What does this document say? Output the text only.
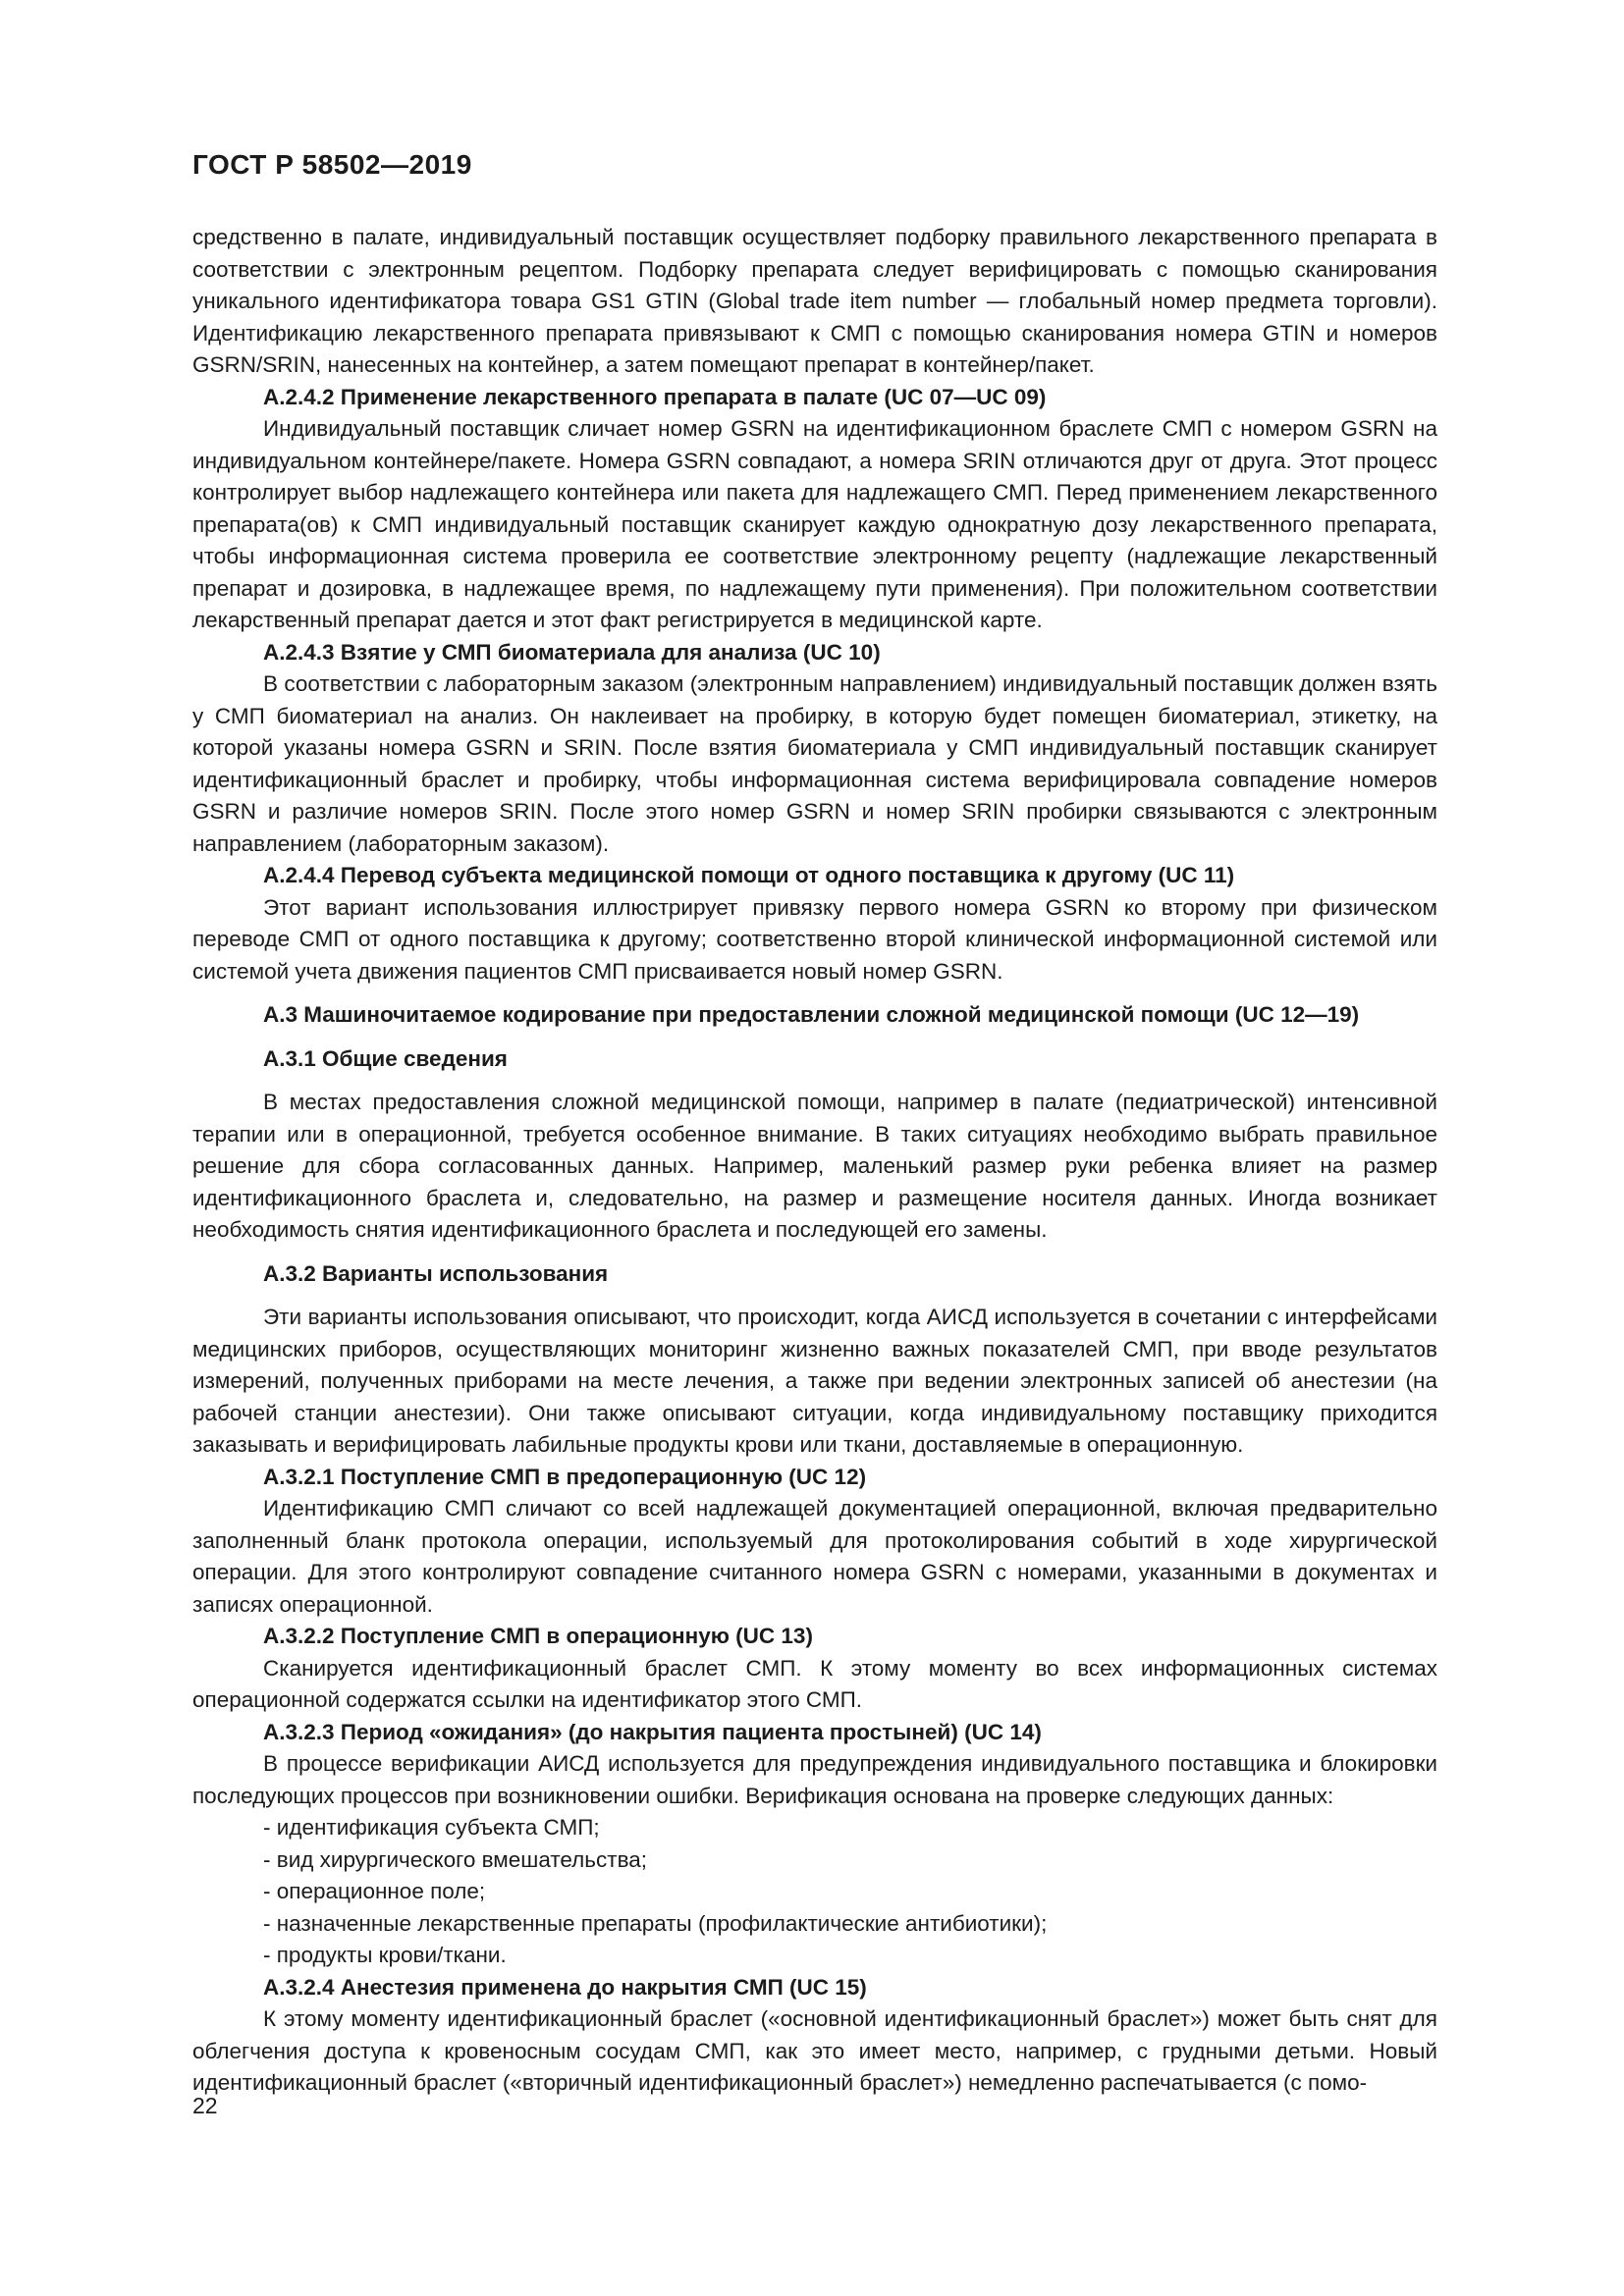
ГОСТ Р 58502—2019

средственно в палате, индивидуальный поставщик осуществляет подборку правильного лекарственного препарата в соответствии с электронным рецептом. Подборку препарата следует верифицировать с помощью сканирования уникального идентификатора товара GS1 GTIN (Global trade item number — глобальный номер предмета торговли). Идентификацию лекарственного препарата привязывают к СМП с помощью сканирования номера GTIN и номеров GSRN/SRIN, нанесенных на контейнер, а затем помещают препарат в контейнер/пакет.

А.2.4.2 Применение лекарственного препарата в палате (UC 07—UC 09)

Индивидуальный поставщик сличает номер GSRN на идентификационном браслете СМП с номером GSRN на индивидуальном контейнере/пакете. Номера GSRN совпадают, а номера SRIN отличаются друг от друга. Этот процесс контролирует выбор надлежащего контейнера или пакета для надлежащего СМП. Перед применением лекарственного препарата(ов) к СМП индивидуальный поставщик сканирует каждую однократную дозу лекарственного препарата, чтобы информационная система проверила ее соответствие электронному рецепту (надлежащие лекарственный препарат и дозировка, в надлежащее время, по надлежащему пути применения). При положительном соответствии лекарственный препарат дается и этот факт регистрируется в медицинской карте.

А.2.4.3 Взятие у СМП биоматериала для анализа (UC 10)

В соответствии с лабораторным заказом (электронным направлением) индивидуальный поставщик должен взять у СМП биоматериал на анализ. Он наклеивает на пробирку, в которую будет помещен биоматериал, этикетку, на которой указаны номера GSRN и SRIN. После взятия биоматериала у СМП индивидуальный поставщик сканирует идентификационный браслет и пробирку, чтобы информационная система верифицировала совпадение номеров GSRN и различие номеров SRIN. После этого номер GSRN и номер SRIN пробирки связываются с электронным направлением (лабораторным заказом).

А.2.4.4 Перевод субъекта медицинской помощи от одного поставщика к другому (UC 11)

Этот вариант использования иллюстрирует привязку первого номера GSRN ко второму при физическом переводе СМП от одного поставщика к другому; соответственно второй клинической информационной системой или системой учета движения пациентов СМП присваивается новый номер GSRN.

А.3 Машиночитаемое кодирование при предоставлении сложной медицинской помощи (UC 12—19)
А.3.1 Общие сведения

В местах предоставления сложной медицинской помощи, например в палате (педиатрической) интенсивной терапии или в операционной, требуется особенное внимание. В таких ситуациях необходимо выбрать правильное решение для сбора согласованных данных. Например, маленький размер руки ребенка влияет на размер идентификационного браслета и, следовательно, на размер и размещение носителя данных. Иногда возникает необходимость снятия идентификационного браслета и последующей его замены.

А.3.2 Варианты использования

Эти варианты использования описывают, что происходит, когда АИСД используется в сочетании с интерфейсами медицинских приборов, осуществляющих мониторинг жизненно важных показателей СМП, при вводе результатов измерений, полученных приборами на месте лечения, а также при ведении электронных записей об анестезии (на рабочей станции анестезии). Они также описывают ситуации, когда индивидуальному поставщику приходится заказывать и верифицировать лабильные продукты крови или ткани, доставляемые в операционную.

А.3.2.1 Поступление СМП в предоперационную (UC 12)

Идентификацию СМП сличают со всей надлежащей документацией операционной, включая предварительно заполненный бланк протокола операции, используемый для протоколирования событий в ходе хирургической операции. Для этого контролируют совпадение считанного номера GSRN с номерами, указанными в документах и записях операционной.

А.3.2.2 Поступление СМП в операционную (UC 13)

Сканируется идентификационный браслет СМП. К этому моменту во всех информационных системах операционной содержатся ссылки на идентификатор этого СМП.

А.3.2.3 Период «ожидания» (до накрытия пациента простыней) (UC 14)

В процессе верификации АИСД используется для предупреждения индивидуального поставщика и блокировки последующих процессов при возникновении ошибки. Верификация основана на проверке следующих данных:

- идентификация субъекта СМП;
- вид хирургического вмешательства;
- операционное поле;
- назначенные лекарственные препараты (профилактические антибиотики);
- продукты крови/ткани.
А.3.2.4 Анестезия применена до накрытия СМП (UC 15)

К этому моменту идентификационный браслет («основной идентификационный браслет») может быть снят для облегчения доступа к кровеносным сосудам СМП, как это имеет место, например, с грудными детьми. Новый идентификационный браслет («вторичный идентификационный браслет») немедленно распечатывается (с помо-

22
